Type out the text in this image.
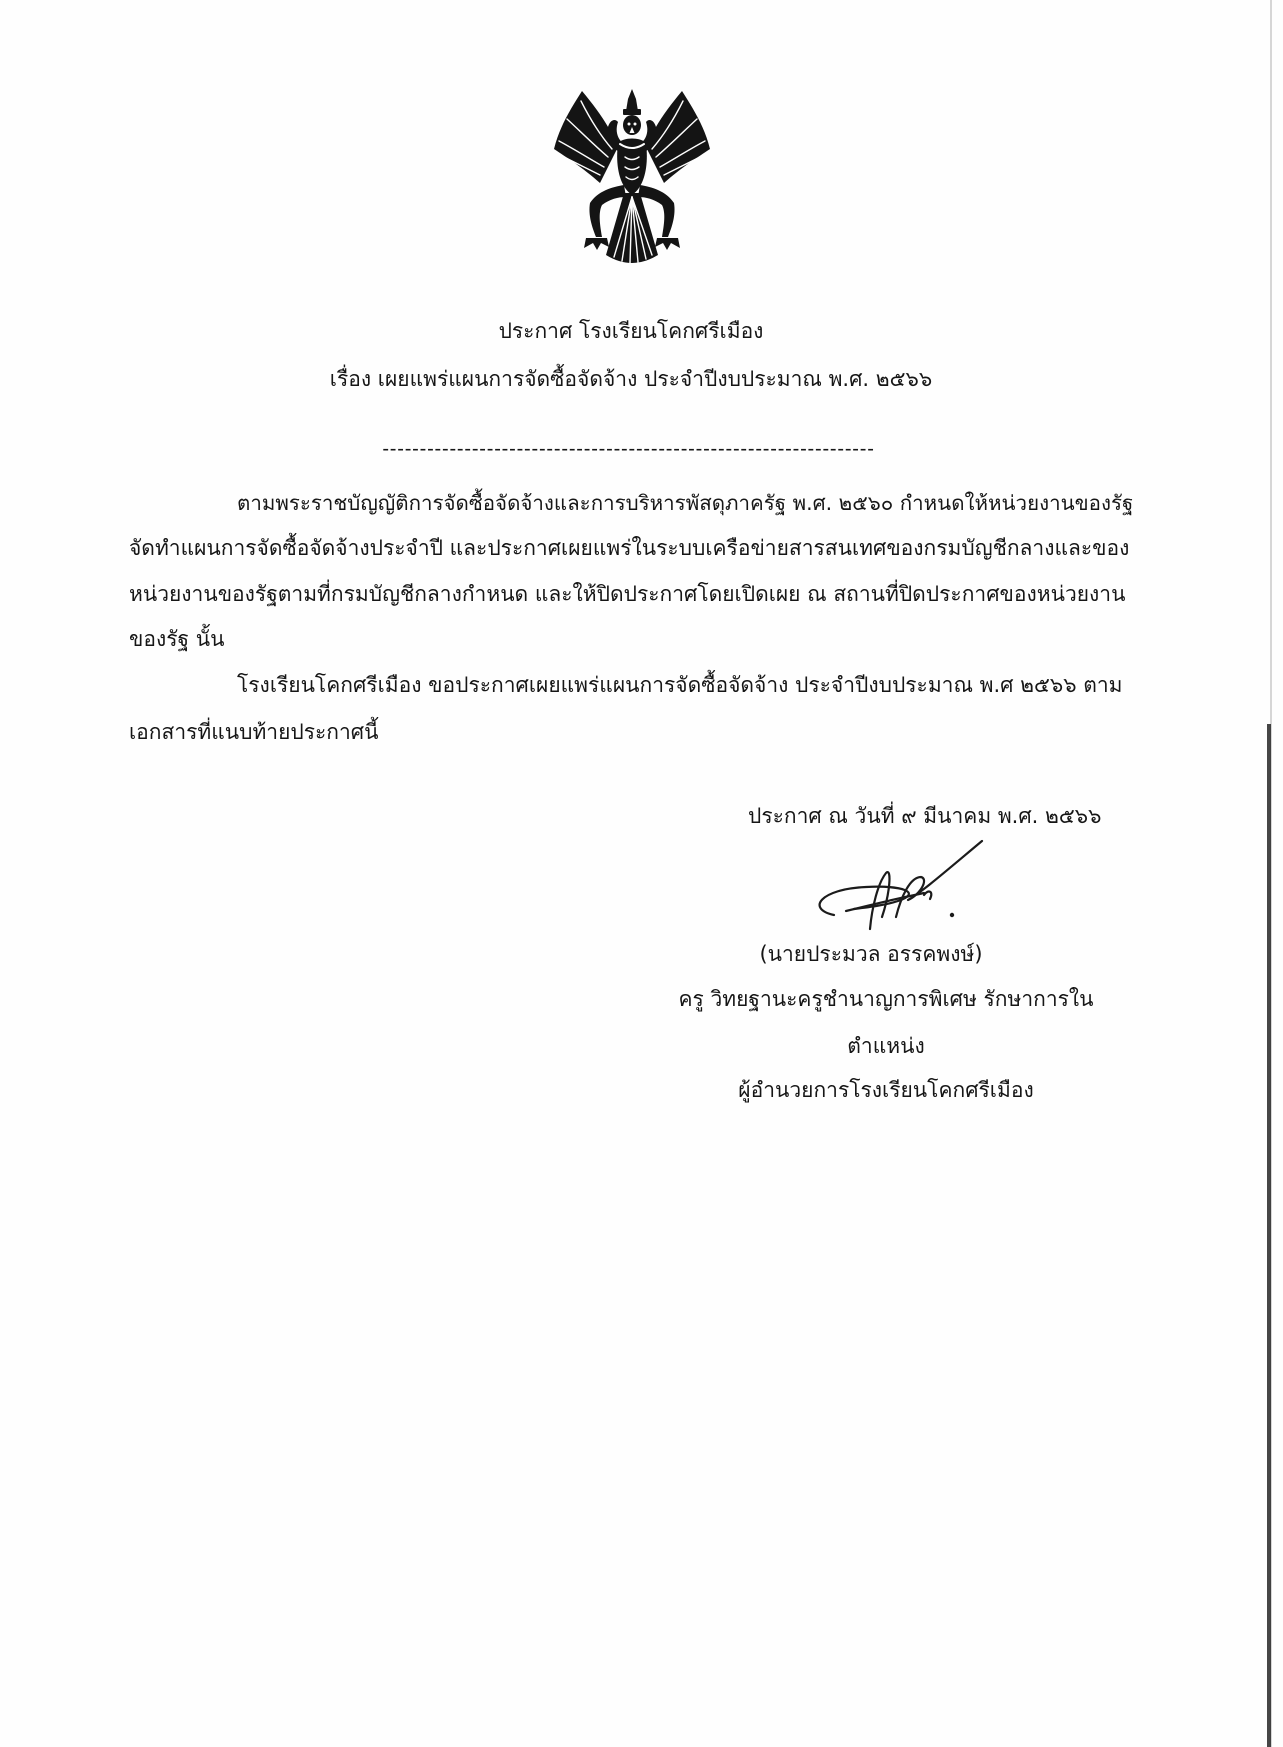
ประกาศ โรงเรียนโคกศรีเมือง
เรื่อง เผยแพร่แผนการจัดซื้อจัดจ้าง ประจำปีงบประมาณ พ.ศ. ๒๕๖๖
------------------------------------------------------------------
ตามพระราชบัญญัติการจัดซื้อจัดจ้างและการบริหารพัสดุภาครัฐ พ.ศ. ๒๕๖๐ กำหนดให้หน่วยงานของรัฐ
จัดทำแผนการจัดซื้อจัดจ้างประจำปี และประกาศเผยแพร่ในระบบเครือข่ายสารสนเทศของกรมบัญชีกลางและของ
หน่วยงานของรัฐตามที่กรมบัญชีกลางกำหนด และให้ปิดประกาศโดยเปิดเผย ณ สถานที่ปิดประกาศของหน่วยงาน
ของรัฐ นั้น
โรงเรียนโคกศรีเมือง ขอประกาศเผยแพร่แผนการจัดซื้อจัดจ้าง ประจำปีงบประมาณ พ.ศ ๒๕๖๖ ตาม
เอกสารที่แนบท้ายประกาศนี้
ประกาศ ณ วันที่ ๙ มีนาคม พ.ศ. ๒๕๖๖
(นายประมวล อรรคพงษ์)
ครู วิทยฐานะครูชำนาญการพิเศษ รักษาการใน
ตำแหน่ง
ผู้อำนวยการโรงเรียนโคกศรีเมือง
